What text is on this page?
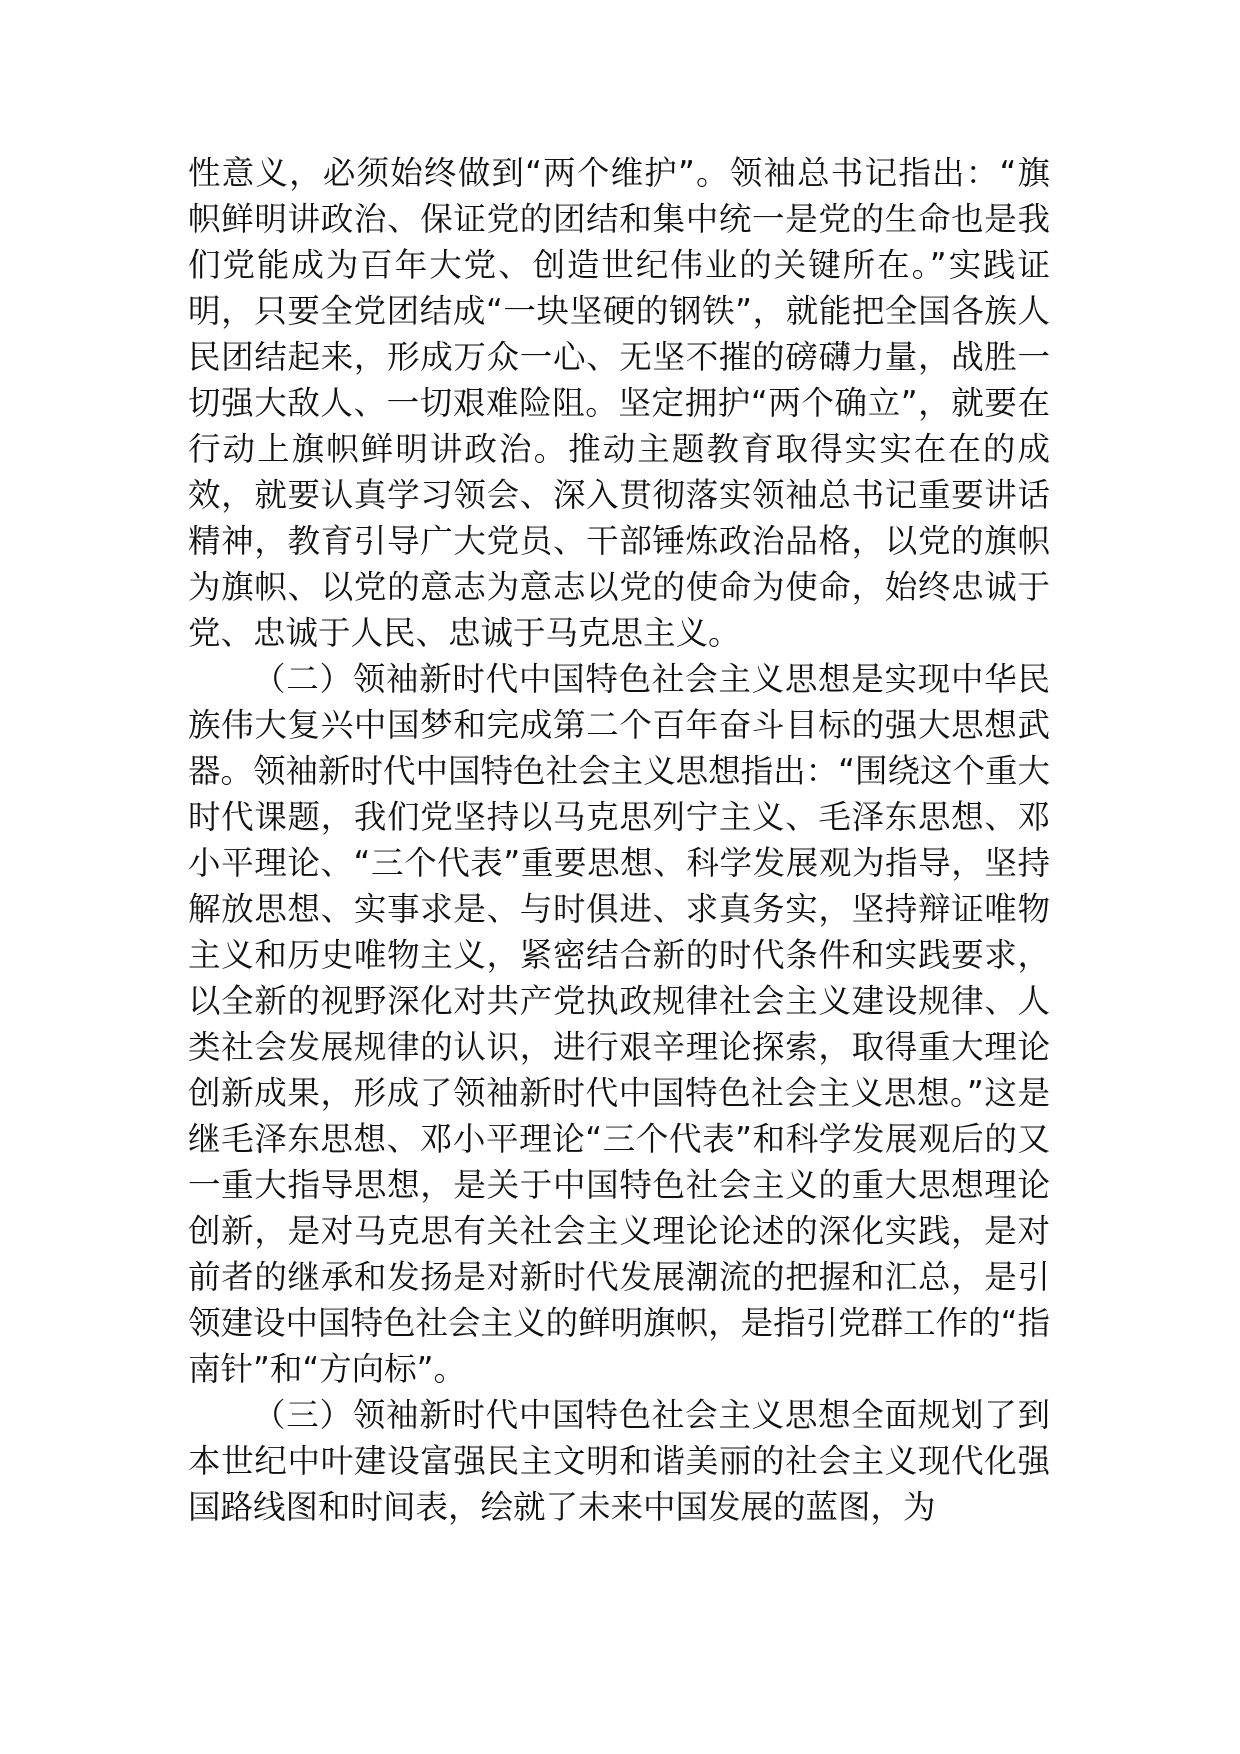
性意义，必须始终做到“两个维护”。领袖总书记指出：“旗帜鲜明讲政治、保证党的团结和集中统一是党的生命也是我们党能成为百年大党、创造世纪伟业的关键所在。”实践证明，只要全党团结成“一块坚硬的钢铁”，就能把全国各族人民团结起来，形成万众一心、无坚不摧的磅礴力量，战胜一切强大敌人、一切艰难险阻。坚定拥护“两个确立”，就要在行动上旗帜鲜明讲政治。推动主题教育取得实实在在的成效，就要认真学习领会、深入贯彻落实领袖总书记重要讲话精神，教育引导广大党员、干部锤炼政治品格，以党的旗帜为旗帜、以党的意志为意志以党的使命为使命，始终忠诚于党、忠诚于人民、忠诚于马克思主义。

（二）领袖新时代中国特色社会主义思想是实现中华民族伟大复兴中国梦和完成第二个百年奋斗目标的强大思想武器。领袖新时代中国特色社会主义思想指出：“围绕这个重大时代课题，我们党坚持以马克思列宁主义、毛泽东思想、邓小平理论、“三个代表”重要思想、科学发展观为指导，坚持解放思想、实事求是、与时俱进、求真务实，坚持辩证唯物主义和历史唯物主义，紧密结合新的时代条件和实践要求，以全新的视野深化对共产党执政规律社会主义建设规律、人类社会发展规律的认识，进行艰辛理论探索，取得重大理论创新成果，形成了领袖新时代中国特色社会主义思想。”这是继毛泽东思想、邓小平理论“三个代表”和科学发展观后的又一重大指导思想，是关于中国特色社会主义的重大思想理论创新，是对马克思有关社会主义理论论述的深化实践，是对前者的继承和发扬是对新时代发展潮流的把握和汇总，是引领建设中国特色社会主义的鲜明旗帜，是指引党群工作的“指南针”和“方向标”。

（三）领袖新时代中国特色社会主义思想全面规划了到本世纪中叶建设富强民主文明和谐美丽的社会主义现代化强国路线图和时间表，绘就了未来中国发展的蓝图，为
